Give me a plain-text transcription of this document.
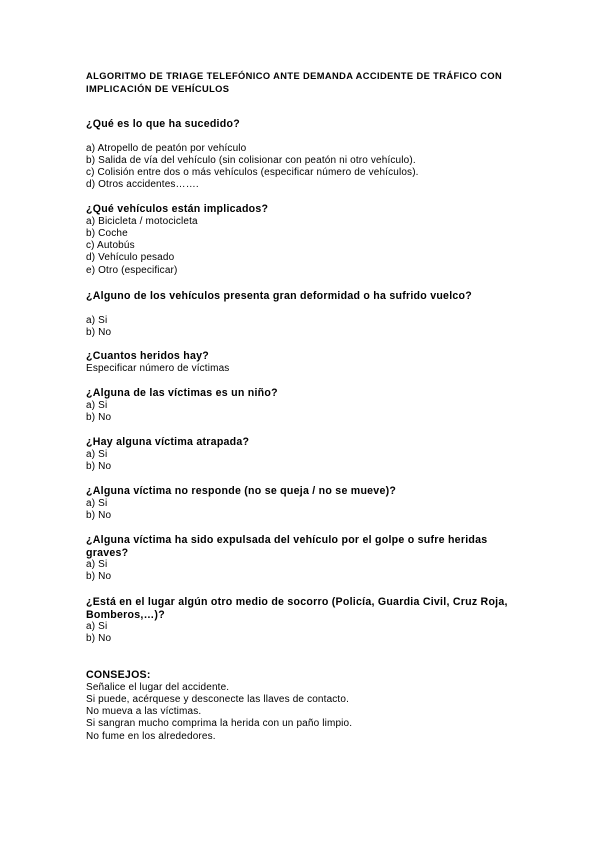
ALGORITMO DE TRIAGE TELEFÓNICO ANTE DEMANDA ACCIDENTE DE TRÁFICO CON IMPLICACIÓN DE VEHÍCULOS

¿Qué es lo que ha sucedido?

a) Atropello de peatón por vehículo

b) Salida de vía del vehículo (sin colisionar con peatón ni otro vehículo).

c) Colisión entre dos o más vehículos (especificar número de vehículos).

d) Otros accidentes…….

¿Qué vehículos están implicados?

a) Bicicleta / motocicleta

b) Coche

c) Autobús

d) Vehículo pesado

e) Otro (especificar)

¿Alguno de los vehículos presenta gran deformidad o ha sufrido vuelco?

a) Si

b) No

¿Cuantos heridos hay?

Especificar número de víctimas

¿Alguna de las víctimas es un niño?

a) Si

b) No

¿Hay alguna víctima atrapada?

a) Si

b) No

¿Alguna víctima no responde (no se queja / no se mueve)?

a) Si

b) No

¿Alguna víctima ha sido expulsada del vehículo por el golpe o sufre heridas graves?

a) Si

b) No

¿Está en el lugar algún otro medio de socorro (Policía, Guardia Civil, Cruz Roja, Bomberos,…)?

a) Si

b) No

CONSEJOS:

Señalice el lugar del accidente.

Si puede, acérquese y desconecte las llaves de contacto.

No mueva a las víctimas.

Si sangran mucho comprima la herida con un paño limpio.

No fume en los alrededores.
